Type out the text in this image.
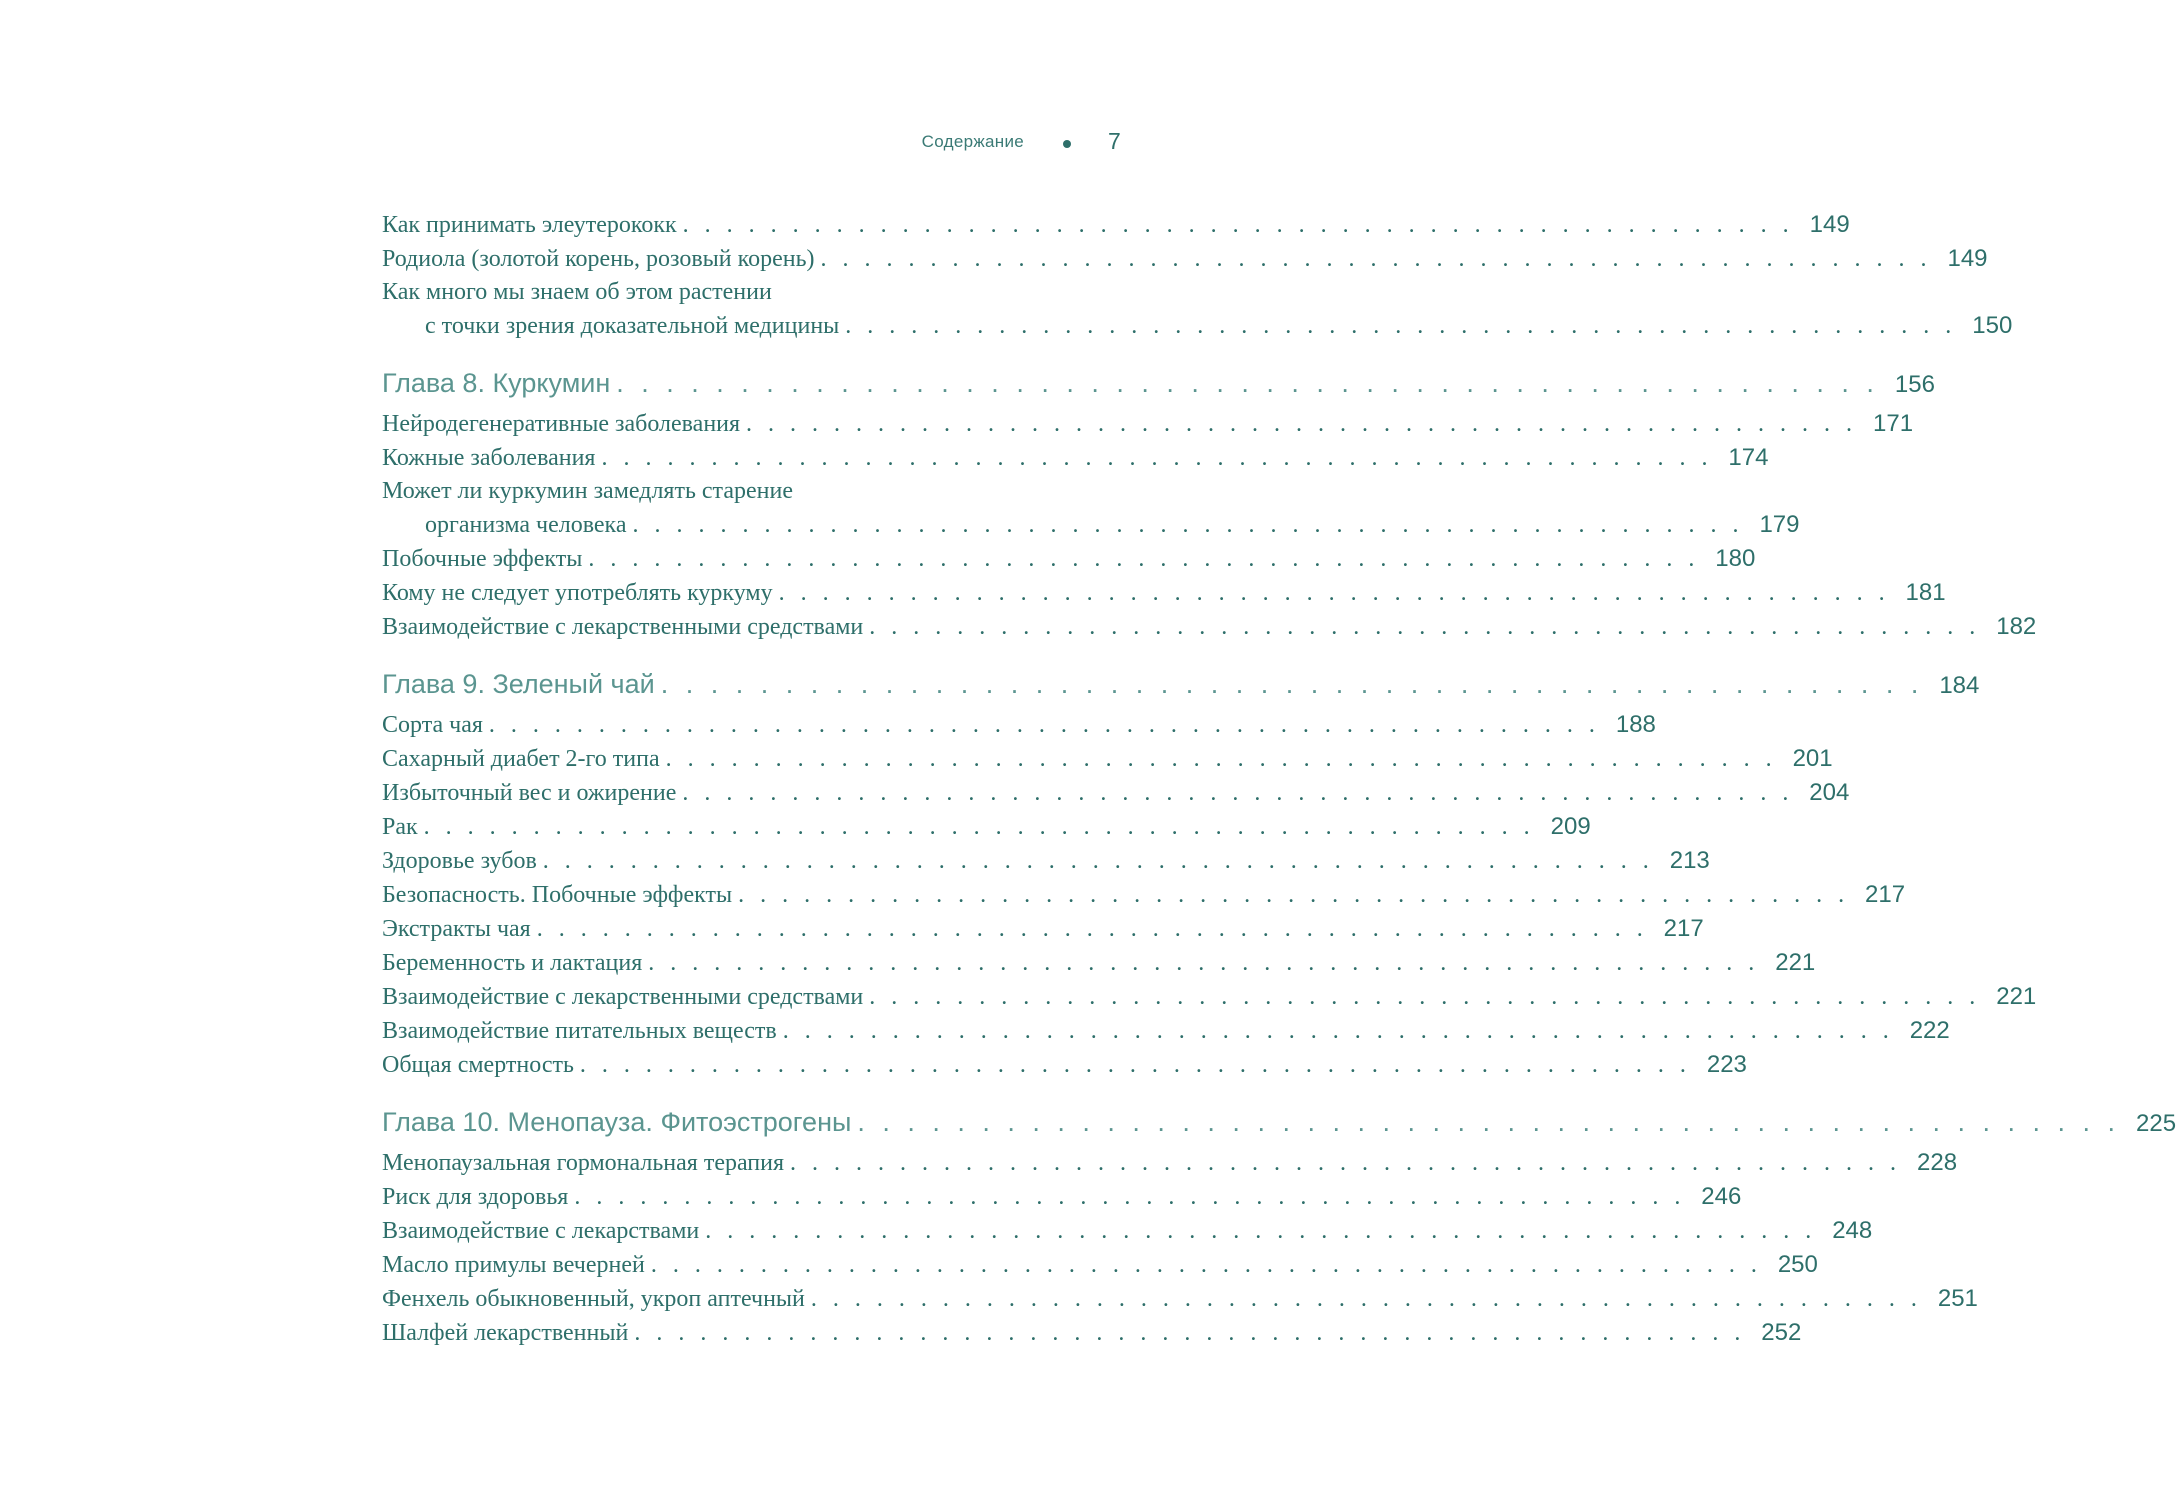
Содержание	7
Как принимать элеутерококк . . . . . . . . . . . . . . . . . . . . . . . . . . . . . . . . . . . . . . . . . . . . . . . . . . . 149
Родиола (золотой корень, розовый корень) . . . . . . . . . . . . . . . . . . . . . . . . . . . . . . . . . . . . . . . . . . . . . . . . . . . 149
Как много мы знаем об этом растении
с точки зрения доказательной медицины . . . . . . . . . . . . . . . . . . . . . . . . . . . . . . . . . . . . . . . . . . . . . . . . . . . 150
Глава 8. Куркумин . . . . . . . . . . . . . . . . . . . . . . . . . . . . . . . . . . . . . . . . . . . . . . . . . . . 156
Нейродегенеративные заболевания . . . . . . . . . . . . . . . . . . . . . . . . . . . . . . . . . . . . . . . . . . . . . . . . . . . 171
Кожные заболевания . . . . . . . . . . . . . . . . . . . . . . . . . . . . . . . . . . . . . . . . . . . . . . . . . . . 174
Может ли куркумин замедлять старение
организма человека . . . . . . . . . . . . . . . . . . . . . . . . . . . . . . . . . . . . . . . . . . . . . . . . . . . 179
Побочные эффекты . . . . . . . . . . . . . . . . . . . . . . . . . . . . . . . . . . . . . . . . . . . . . . . . . . . 180
Кому не следует употреблять куркуму . . . . . . . . . . . . . . . . . . . . . . . . . . . . . . . . . . . . . . . . . . . . . . . . . . . 181
Взаимодействие с лекарственными средствами . . . . . . . . . . . . . . . . . . . . . . . . . . . . . . . . . . . . . . . . . . . . . . . . . . . 182
Глава 9. Зеленый чай . . . . . . . . . . . . . . . . . . . . . . . . . . . . . . . . . . . . . . . . . . . . . . . . . . . 184
Сорта чая . . . . . . . . . . . . . . . . . . . . . . . . . . . . . . . . . . . . . . . . . . . . . . . . . . . 188
Сахарный диабет 2-го типа . . . . . . . . . . . . . . . . . . . . . . . . . . . . . . . . . . . . . . . . . . . . . . . . . . . 201
Избыточный вес и ожирение . . . . . . . . . . . . . . . . . . . . . . . . . . . . . . . . . . . . . . . . . . . . . . . . . . . 204
Рак . . . . . . . . . . . . . . . . . . . . . . . . . . . . . . . . . . . . . . . . . . . . . . . . . . . 209
Здоровье зубов . . . . . . . . . . . . . . . . . . . . . . . . . . . . . . . . . . . . . . . . . . . . . . . . . . . 213
Безопасность. Побочные эффекты . . . . . . . . . . . . . . . . . . . . . . . . . . . . . . . . . . . . . . . . . . . . . . . . . . . 217
Экстракты чая . . . . . . . . . . . . . . . . . . . . . . . . . . . . . . . . . . . . . . . . . . . . . . . . . . . 217
Беременность и лактация . . . . . . . . . . . . . . . . . . . . . . . . . . . . . . . . . . . . . . . . . . . . . . . . . . . 221
Взаимодействие с лекарственными средствами . . . . . . . . . . . . . . . . . . . . . . . . . . . . . . . . . . . . . . . . . . . . . . . . . . . 221
Взаимодействие питательных веществ . . . . . . . . . . . . . . . . . . . . . . . . . . . . . . . . . . . . . . . . . . . . . . . . . . . 222
Общая смертность . . . . . . . . . . . . . . . . . . . . . . . . . . . . . . . . . . . . . . . . . . . . . . . . . . . 223
Глава 10. Менопауза. Фитоэстрогены . . . . . . . . . . . . . . . . . . . . . . . . . . . . . . . . . . . . . . . . . . . . . . . . . . . 225
Менопаузальная гормональная терапия . . . . . . . . . . . . . . . . . . . . . . . . . . . . . . . . . . . . . . . . . . . . . . . . . . . 228
Риск для здоровья . . . . . . . . . . . . . . . . . . . . . . . . . . . . . . . . . . . . . . . . . . . . . . . . . . . 246
Взаимодействие с лекарствами . . . . . . . . . . . . . . . . . . . . . . . . . . . . . . . . . . . . . . . . . . . . . . . . . . . 248
Масло примулы вечерней . . . . . . . . . . . . . . . . . . . . . . . . . . . . . . . . . . . . . . . . . . . . . . . . . . . 250
Фенхель обыкновенный, укроп аптечный . . . . . . . . . . . . . . . . . . . . . . . . . . . . . . . . . . . . . . . . . . . . . . . . . . . 251
Шалфей лекарственный . . . . . . . . . . . . . . . . . . . . . . . . . . . . . . . . . . . . . . . . . . . . . . . . . . . 252
